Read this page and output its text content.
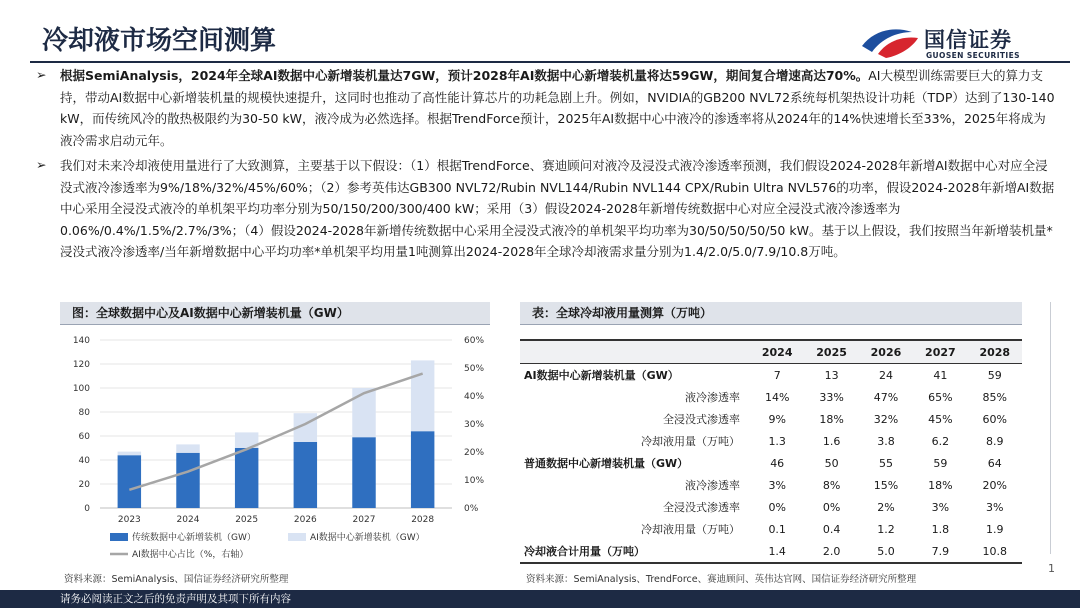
冷却液市场空间测算	国信证券
GUOSEN SECURITIES
➢ 根据SemiAnalysis，2024年全球AI数据中心新增装机量达7GW，预计2028年AI数据中心新增装机量将达59GW，期间复合增速高达70%。AI大模型训练需要巨大的算力支持，带动AI数据中心新增装机量的规模快速提升，这同时也推动了高性能计算芯片的功耗急剧上升。例如，NVIDIA的GB200 NVL72系统每机架热设计功耗（TDP）达到了130-140 kW，而传统风冷的散热极限约为30-50 kW，液冷成为必然选择。根据TrendForce预计，2025年AI数据中心中液冷的渗透率将从2024年的14%快速增长至33%，2025年将成为液冷需求启动元年。
➢ 我们对未来冷却液使用量进行了大致测算，主要基于以下假设：（1）根据TrendForce、赛迪顾问对液冷及浸没式液冷渗透率预测，我们假设2024-2028年新增AI数据中心对应全浸没式液冷渗透率为9%/18%/32%/45%/60%；（2）参考英伟达GB300 NVL72/Rubin NVL144/Rubin NVL144 CPX/Rubin Ultra NVL576的功率，假设2024-2028年新增AI数据中心采用全浸没式液冷的单机架平均功率分别为50/150/200/300/400 kW；采用（3）假设2024-2028年新增传统数据中心对应全浸没式液冷渗透率为0.06%/0.4%/1.5%/2.7%/3%；（4）假设2024-2028年新增传统数据中心采用全浸没式液冷的单机架平均功率为30/50/50/50/50 kW。基于以上假设，我们按照当年新增装机量*浸没式液冷渗透率/当年新增数据中心平均功率*单机架平均用量1吨测算出2024-2028年全球冷却液需求量分别为1.4/2.0/5.0/7.9/10.8万吨。
图：全球数据中心及AI数据中心新增装机量（GW）
0
20
40
60
80
100
120
140
0%
10%
20%
30%
40%
50%
60%
2023	2024	2025	2026	2027	2028
传统数据中心新增装机（GW）	AI数据中心新增装机（GW）
AI数据中心占比（%，右轴）
资料来源：SemiAnalysis、国信证券经济研究所整理
表：全球冷却液用量测算（万吨）
	2024	2025	2026	2027	2028
AI数据中心新增装机量（GW）	7	13	24	41	59
液冷渗透率	14%	33%	47%	65%	85%
全浸没式渗透率	9%	18%	32%	45%	60%
冷却液用量（万吨）	1.3	1.6	3.8	6.2	8.9
普通数据中心新增装机量（GW）	46	50	55	59	64
液冷渗透率	3%	8%	15%	18%	20%
全浸没式渗透率	0%	0%	2%	3%	3%
冷却液用量（万吨）	0.1	0.4	1.2	1.8	1.9
冷却液合计用量（万吨）	1.4	2.0	5.0	7.9	10.8
资料来源：SemiAnalysis、TrendForce、赛迪顾问、英伟达官网、国信证券经济研究所整理
1
请务必阅读正文之后的免责声明及其项下所有内容
